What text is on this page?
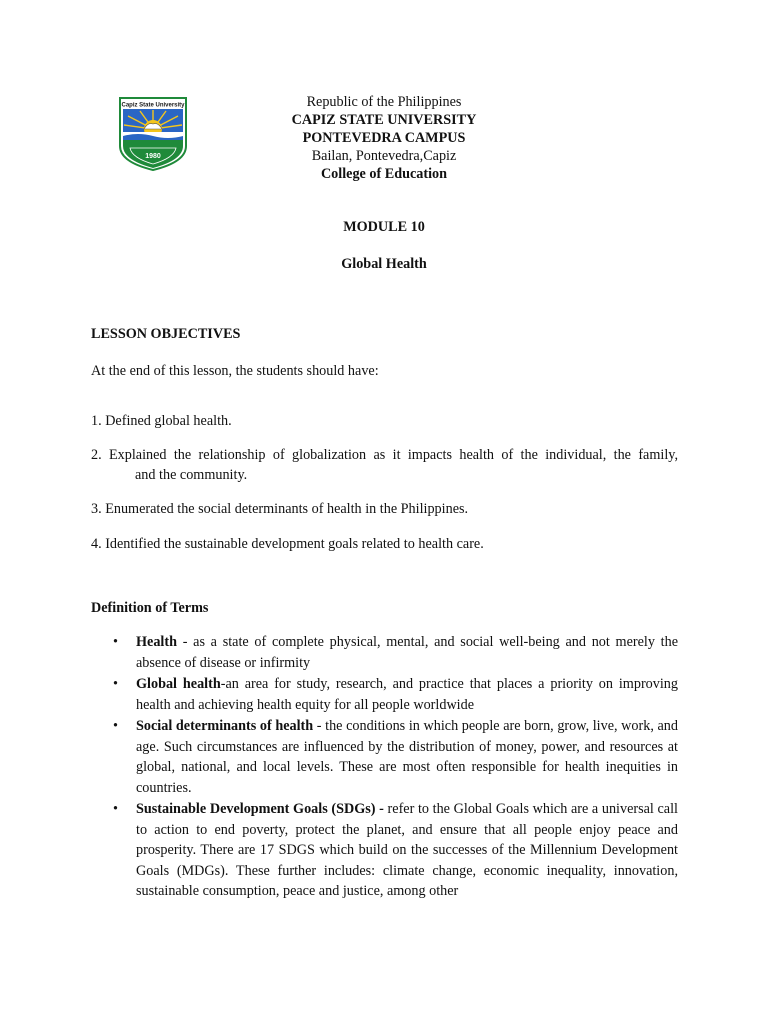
Capiz State University
1980
Republic of the Philippines
CAPIZ STATE UNIVERSITY
PONTEVEDRA CAMPUS
Bailan, Pontevedra,Capiz
College of Education
MODULE 10
Global Health
LESSON OBJECTIVES
At the end of this lesson, the students should have:
1. Defined global health.
2. Explained the relationship of globalization as it impacts health of the individual, the family,
and the community.
3. Enumerated the social determinants of health in the Philippines.
4. Identified the sustainable development goals related to health care.
Definition of Terms
• Health - as a state of complete physical, mental, and social well-being and not merely the absence of disease or infirmity
• Global health-an area for study, research, and practice that places a priority on improving health and achieving health equity for all people worldwide
• Social determinants of health - the conditions in which people are born, grow, live, work, and age. Such circumstances are influenced by the distribution of money, power, and resources at global, national, and local levels. These are most often responsible for health inequities in countries.
• Sustainable Development Goals (SDGs) - refer to the Global Goals which are a universal call to action to end poverty, protect the planet, and ensure that all people enjoy peace and prosperity. There are 17 SDGS which build on the successes of the Millennium Development Goals (MDGs). These further includes: climate change, economic inequality, innovation, sustainable consumption, peace and justice, among other
